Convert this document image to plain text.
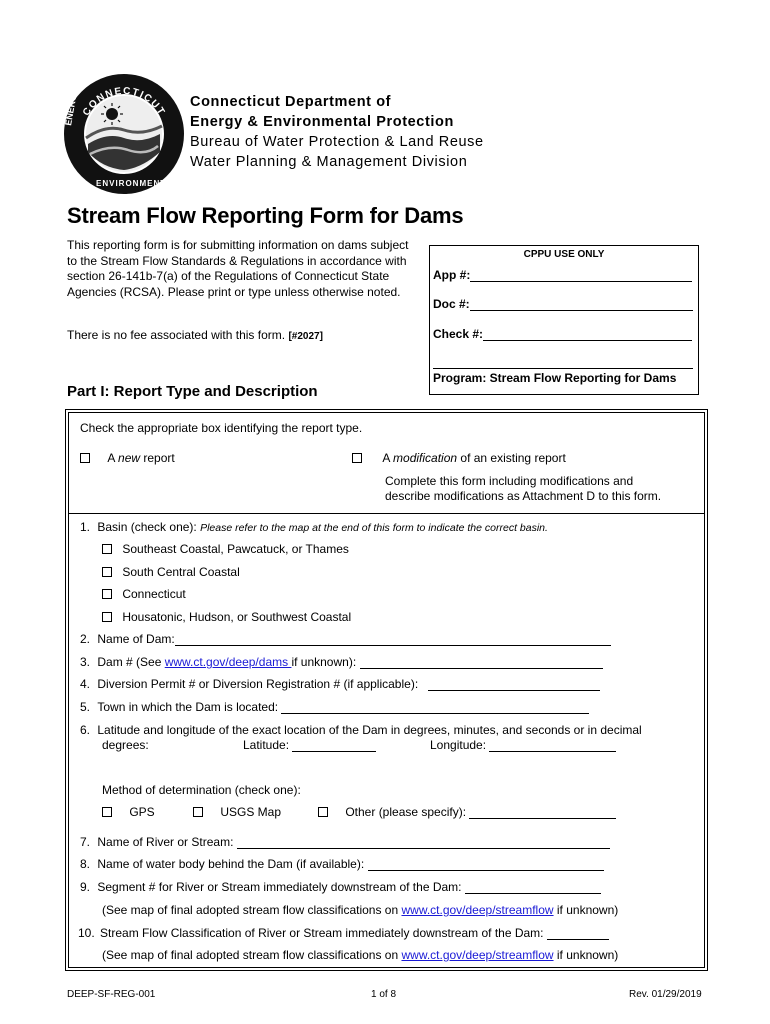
CONNECTICUT
ENERGY
ENVIRONMENT
Connecticut Department of
Energy & Environmental Protection
Bureau of Water Protection & Land Reuse
Water Planning & Management Division
Stream Flow Reporting Form for Dams
This reporting form is for submitting information on dams subject to the Stream Flow Standards & Regulations in accordance with section 26-141b-7(a) of the Regulations of Connecticut State Agencies (RCSA). Please print or type unless otherwise noted.
There is no fee associated with this form. [#2027]
CPPU USE ONLY
App #:
Doc #:
Check #:
Program: Stream Flow Reporting for Dams
Part I: Report Type and Description
Check the appropriate box identifying the report type.
A new report	A modification of an existing report
Complete this form including modifications and
describe modifications as Attachment D to this form.
1. Basin (check one): Please refer to the map at the end of this form to indicate the correct basin.
Southeast Coastal, Pawcatuck, or Thames
South Central Coastal
Connecticut
Housatonic, Hudson, or Southwest Coastal
2. Name of Dam:
3. Dam # (See www.ct.gov/deep/dams if unknown):
4. Diversion Permit # or Diversion Registration # (if applicable):
5. Town in which the Dam is located:
6. Latitude and longitude of the exact location of the Dam in degrees, minutes, and seconds or in decimal
degrees:	Latitude:	Longitude:
Method of determination (check one):
GPS	USGS Map	Other (please specify):
7. Name of River or Stream:
8. Name of water body behind the Dam (if available):
9. Segment # for River or Stream immediately downstream of the Dam:
(See map of final adopted stream flow classifications on www.ct.gov/deep/streamflow if unknown)
10. Stream Flow Classification of River or Stream immediately downstream of the Dam:
(See map of final adopted stream flow classifications on www.ct.gov/deep/streamflow if unknown)
DEEP-SF-REG-001	1 of 8	Rev. 01/29/2019
